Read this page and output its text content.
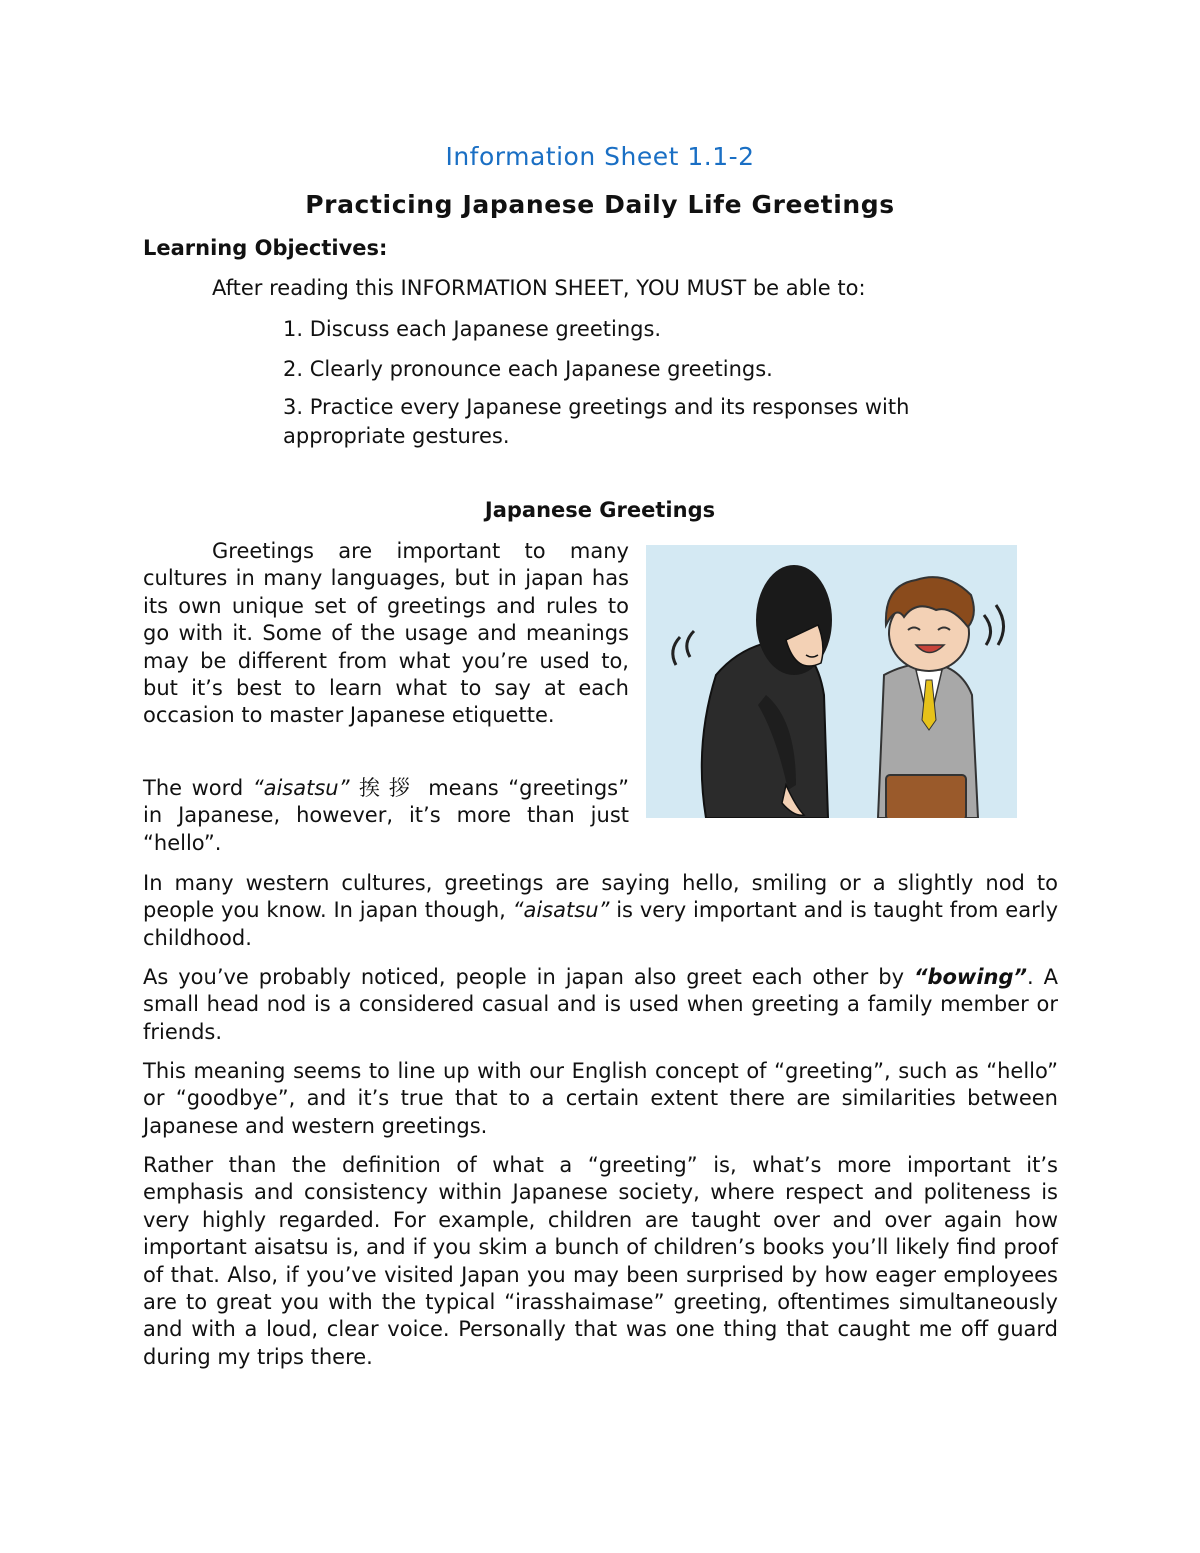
Information Sheet 1.1-2
Practicing Japanese Daily Life Greetings
Learning Objectives:
After reading this INFORMATION SHEET, YOU MUST be able to:
1. Discuss each Japanese greetings.
2. Clearly pronounce each Japanese greetings.
3. Practice every Japanese greetings and its responses with appropriate gestures.
Japanese Greetings

Greetings are important to many cultures in many languages, but in japan has its own unique set of greetings and rules to go with it. Some of the usage and meanings may be different from what you’re used to, but it’s best to learn what to say at each occasion to master Japanese etiquette.

The word “aisatsu” 挨拶 means “greetings” in Japanese, however, it’s more than just “hello”.

In many western cultures, greetings are saying hello, smiling or a slightly nod to people you know. In japan though, “aisatsu” is very important and is taught from early childhood.

As you’ve probably noticed, people in japan also greet each other by “bowing”. A small head nod is a considered casual and is used when greeting a family member or friends.

This meaning seems to line up with our English concept of “greeting”, such as “hello” or “goodbye”, and it’s true that to a certain extent there are similarities between Japanese and western greetings.

Rather than the definition of what a “greeting” is, what’s more important it’s emphasis and consistency within Japanese society, where respect and politeness is very highly regarded. For example, children are taught over and over again how important aisatsu is, and if you skim a bunch of children’s books you’ll likely find proof of that. Also, if you’ve visited Japan you may been surprised by how eager employees are to great you with the typical “irasshaimase” greeting, oftentimes simultaneously and with a loud, clear voice. Personally that was one thing that caught me off guard during my trips there.
